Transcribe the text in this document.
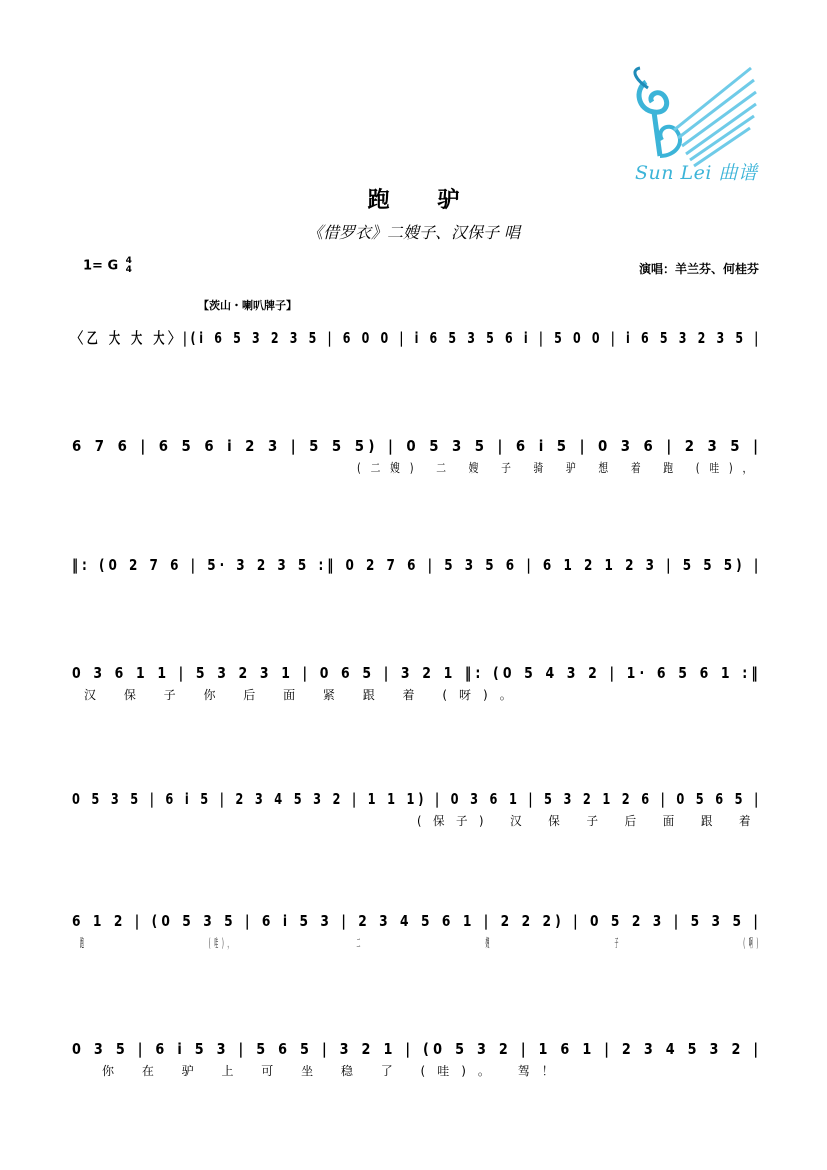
Sun Lei 曲谱
跑 驴
《借罗衣》二嫂子、汉保子 唱
1= G 4
4	演唱：羊兰芬、何桂芬
【茨山・喇叭牌子】
〈乙 大 大 大〉|(i 6 5 3 2 3 5 | 6 0 0 | i 6 5 3 5 6 i | 5 0 0 | i 6 5 3 2 3 5 |
6 7 6 | 6 5 6 i 2 3 | 5 5 5) | 0 5 3 5 | 6 i 5 | 0 3 6 | 2 3 5 |
(二嫂) 二 嫂 子 骑 驴 想 着 跑 (哇)，
‖: (0 2 7 6 | 5· 3 2 3 5 :‖ 0 2 7 6 | 5 3 5 6 | 6 1 2 1 2 3 | 5 5 5) |
0 3 6 1 1 | 5 3 2 3 1 | 0 6 5 | 3 2 1 ‖: (0 5 4 3 2 | 1· 6 5 6 1 :‖
汉 保 子 你 后 面 紧 跟 着 (呀)。
0 5 3 5 | 6 i 5 | 2 3 4 5 3 2 | 1 1 1) | 0 3 6 1 | 5 3 2 1 2 6 | 0 5 6 5 |
(保子) 汉 保 子 后 面 跟 着
6 1 2 | (0 5 3 5 | 6 i 5 3 | 2 3 4 5 6 1 | 2 2 2) | 0 5 2 3 | 5 3 5 |
跑 (哇)， 二 嫂 子 (啊)
0 3 5 | 6 i 5 3 | 5 6 5 | 3 2 1 | (0 5 3 2 | 1 6 1 | 2 3 4 5 3 2 |
你 在 驴 上 可 坐 稳 了 (哇)。 驾！
